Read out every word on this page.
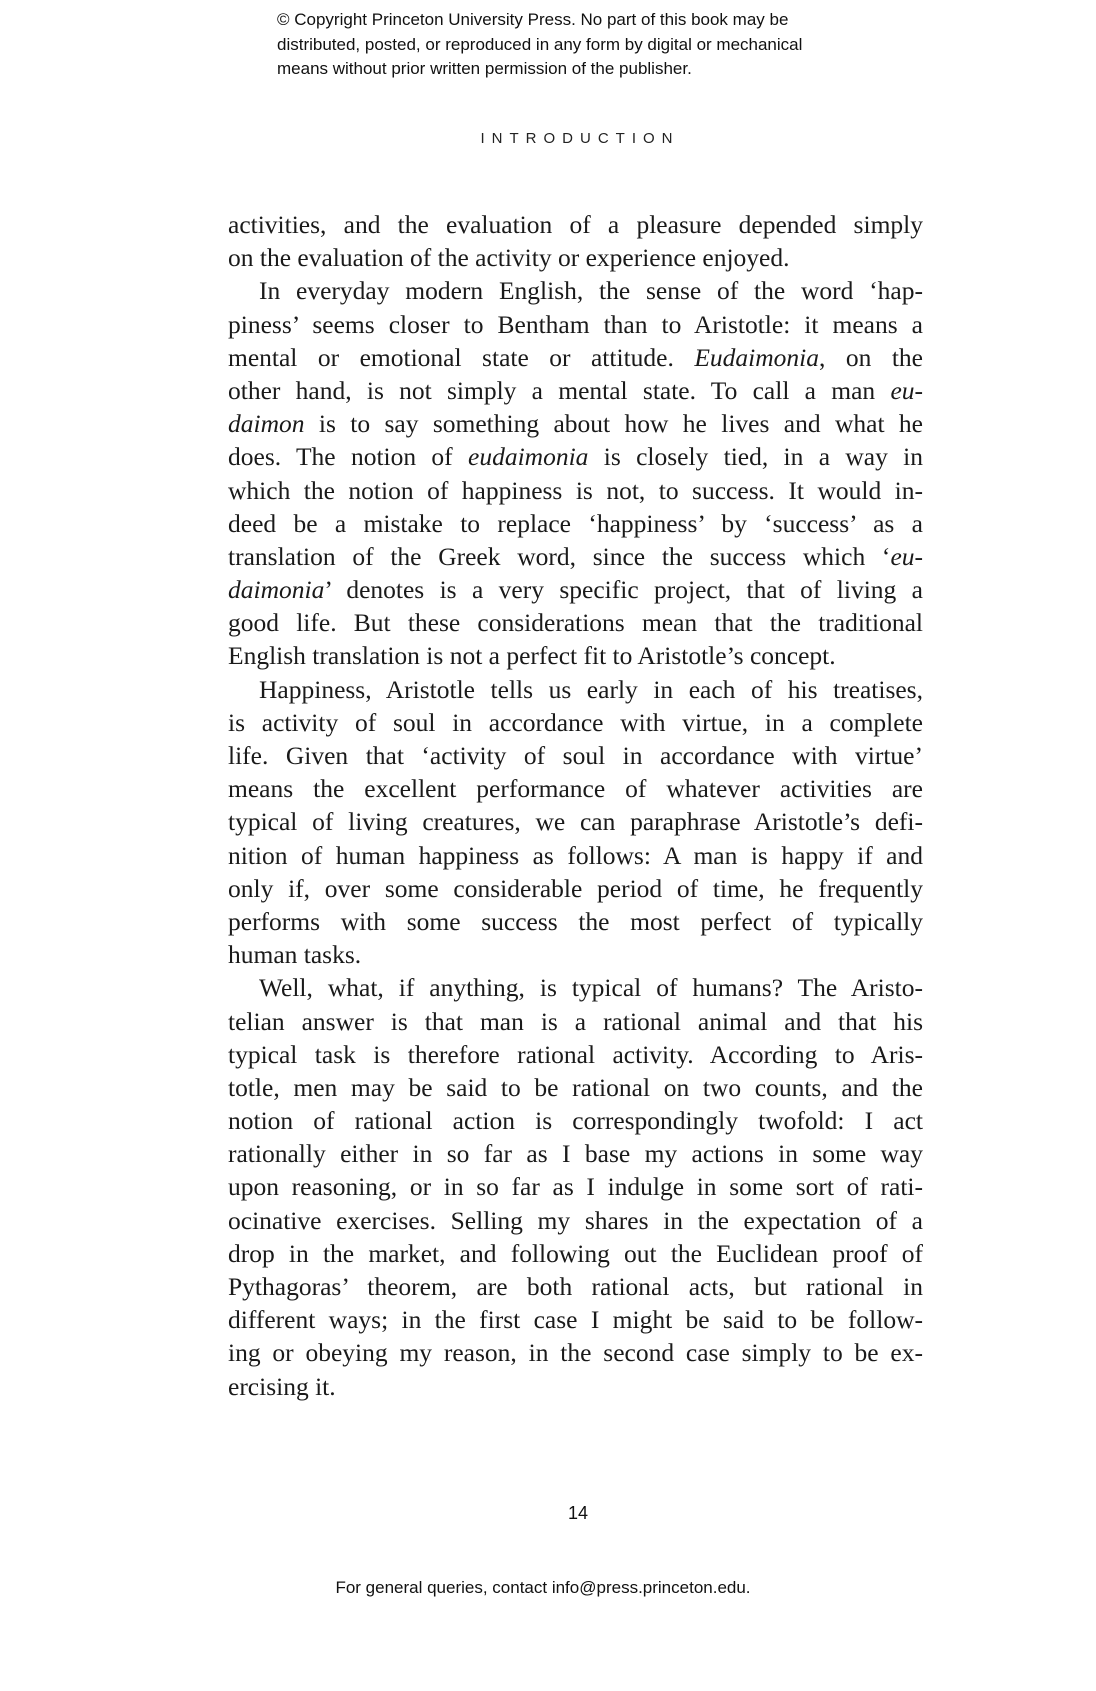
© Copyright Princeton University Press. No part of this book may be
distributed, posted, or reproduced in any form by digital or mechanical
means without prior written permission of the publisher.
INTRODUCTION
activities, and the evaluation of a pleasure depended simply
on the evaluation of the activity or experience enjoyed.
In everyday modern English, the sense of the word ‘hap-
piness’ seems closer to Bentham than to Aristotle: it means a
mental or emotional state or attitude. Eudaimonia, on the
other hand, is not simply a mental state. To call a man eu-
daimon is to say something about how he lives and what he
does. The notion of eudaimonia is closely tied, in a way in
which the notion of happiness is not, to success. It would in-
deed be a mistake to replace ‘happiness’ by ‘success’ as a
translation of the Greek word, since the success which ‘eu-
daimonia’ denotes is a very specific project, that of living a
good life. But these considerations mean that the traditional
English translation is not a perfect fit to Aristotle’s concept.
Happiness, Aristotle tells us early in each of his treatises,
is activity of soul in accordance with virtue, in a complete
life. Given that ‘activity of soul in accordance with virtue’
means the excellent performance of whatever activities are
typical of living creatures, we can paraphrase Aristotle’s defi-
nition of human happiness as follows: A man is happy if and
only if, over some considerable period of time, he frequently
performs with some success the most perfect of typically
human tasks.
Well, what, if anything, is typical of humans? The Aristo-
telian answer is that man is a rational animal and that his
typical task is therefore rational activity. According to Aris-
totle, men may be said to be rational on two counts, and the
notion of rational action is correspondingly twofold: I act
rationally either in so far as I base my actions in some way
upon reasoning, or in so far as I indulge in some sort of rati-
ocinative exercises. Selling my shares in the expectation of a
drop in the market, and following out the Euclidean proof of
Pythagoras’ theorem, are both rational acts, but rational in
different ways; in the first case I might be said to be follow-
ing or obeying my reason, in the second case simply to be ex-
ercising it.
14
For general queries, contact info@press.princeton.edu.
